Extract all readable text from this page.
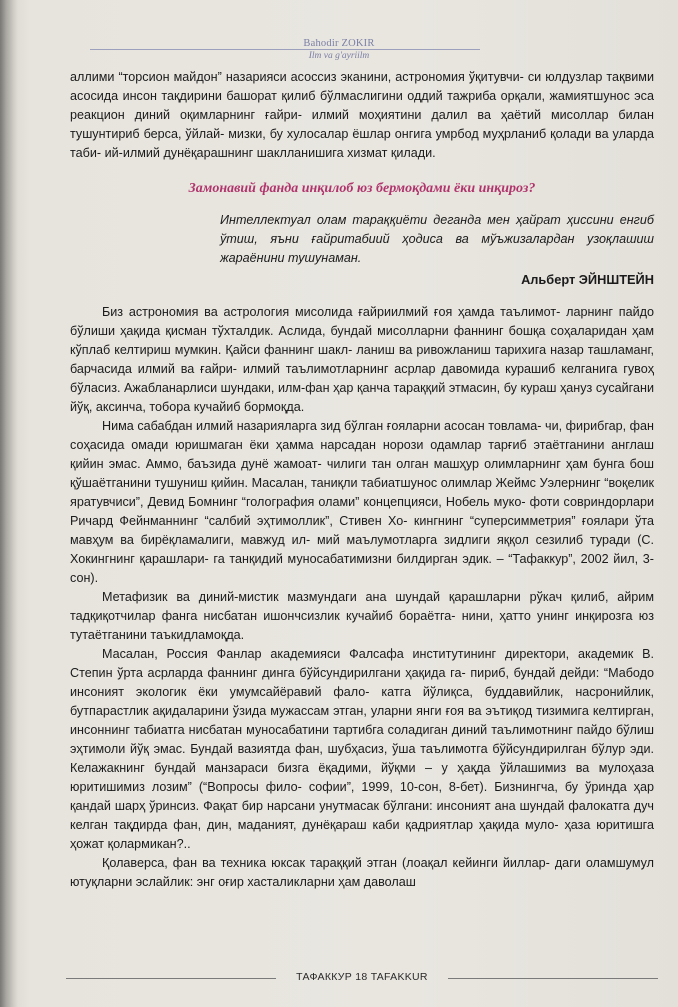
Bahodir ZOKIR
Ilm va g'ayriilm

аллими “торсион майдон” назарияси асоссиз эканини, астрономия ўқитувчи- си юлдузлар тақвими асосида инсон тақдирини башорат қилиб бўлмаслигини оддий тажриба орқали, жамиятшунос эса реакцион диний оқимларнинг ғайри- илмий моҳиятини далил ва ҳаётий мисоллар билан тушунтириб берса, ўйлай- мизки, бу хулосалар ёшлар онгига умрбод муҳрланиб қолади ва уларда таби- ий-илмий дунёқарашнинг шаклланишига хизмат қилади.

Замонавий фанда инқилоб юз бермоқдами ёки инқироз?
Интеллектуал олам тараққиёти деганда мен ҳайрат ҳиссини енгиб ўтиш, яъни ғайритабиий ҳодиса ва мўъжизалардан узоқлашиш жараёнини тушунаман.
Альберт ЭЙНШТЕЙН

Биз астрономия ва астрология мисолида ғайриилмий ғоя ҳамда таълимот- ларнинг пайдо бўлиши ҳақида қисман тўхталдик. Аслида, бундай мисолларни фаннинг бошқа соҳаларидан ҳам кўплаб келтириш мумкин. Қайси фаннинг шакл- ланиш ва ривожланиш тарихига назар ташламанг, барчасида илмий ва ғайри- илмий таълимотларнинг асрлар давомида курашиб келганига гувоҳ бўласиз. Ажабланарлиси шундаки, илм-фан ҳар қанча тараққий этмасин, бу кураш ҳануз сусайгани йўқ, аксинча, тобора кучайиб бормоқда.

Нима сабабдан илмий назарияларга зид бўлган ғояларни асосан товлама- чи, фирибгар, фан соҳасида омади юришмаган ёки ҳамма нарсадан норози одамлар тарғиб этаётганини англаш қийин эмас. Аммо, баъзида дунё жамоат- чилиги тан олган машҳур олимларнинг ҳам бунга бош қўшаётганини тушуниш қийин. Масалан, таниқли табиатшунос олимлар Жеймс Уэлернинг “воқелик яратувчиси”, Девид Бомнинг “голография олами” концепцияси, Нобель муко- фоти совриндорлари Ричард Фейнманнинг “салбий эҳтимоллик”, Стивен Хо- кингнинг “суперсимметрия” ғоялари ўта мавҳум ва бирёқламалиги, мавжуд ил- мий маълумотларга зидлиги яққол сезилиб туради (С. Хокингнинг қарашлари- га танқидий муносабатимизни билдирган эдик. – “Тафаккур”, 2002 йил, 3-сон).

Метафизик ва диний-мистик мазмундаги ана шундай қарашларни рўкач қилиб, айрим тадқиқотчилар фанга нисбатан ишончсизлик кучайиб бораётга- нини, ҳатто унинг инқирозга юз тутаётганини таъкидламоқда.

Масалан, Россия Фанлар академияси Фалсафа институтининг директори, академик В. Степин ўрта асрларда фаннинг динга бўйсундирилгани ҳақида га- пириб, бундай дейди: “Мабодо инсоният экологик ёки умумсайёравий фало- катга йўлиқса, буддавийлик, насронийлик, бутпарастлик ақидаларини ўзида мужассам этган, уларни янги ғоя ва эътиқод тизимига келтирган, инсоннинг табиатга нисбатан муносабатини тартибга соладиган диний таълимотнинг пайдо бўлиш эҳтимоли йўқ эмас. Бундай вазиятда фан, шубҳасиз, ўша таълимотга бўйсундирилган бўлур эди. Келажакнинг бундай манзараси бизга ёқадими, йўқми – у ҳақда ўйлашимиз ва мулоҳаза юритишимиз лозим” (“Вопросы фило- софии”, 1999, 10-сон, 8-бет). Бизнингча, бу ўринда ҳар қандай шарҳ ўринсиз. Фақат бир нарсани унутмасак бўлгани: инсоният ана шундай фалокатга дуч келган тақдирда фан, дин, маданият, дунёқараш каби қадриятлар ҳақида муло- ҳаза юритишга ҳожат қолармикан?..

Қолаверса, фан ва техника юксак тараққий этган (лоақал кейинги йиллар- даги оламшумул ютуқларни эслайлик: энг оғир хасталикларни ҳам даволаш

ТАФАККУР 18 TAFAKKUR
